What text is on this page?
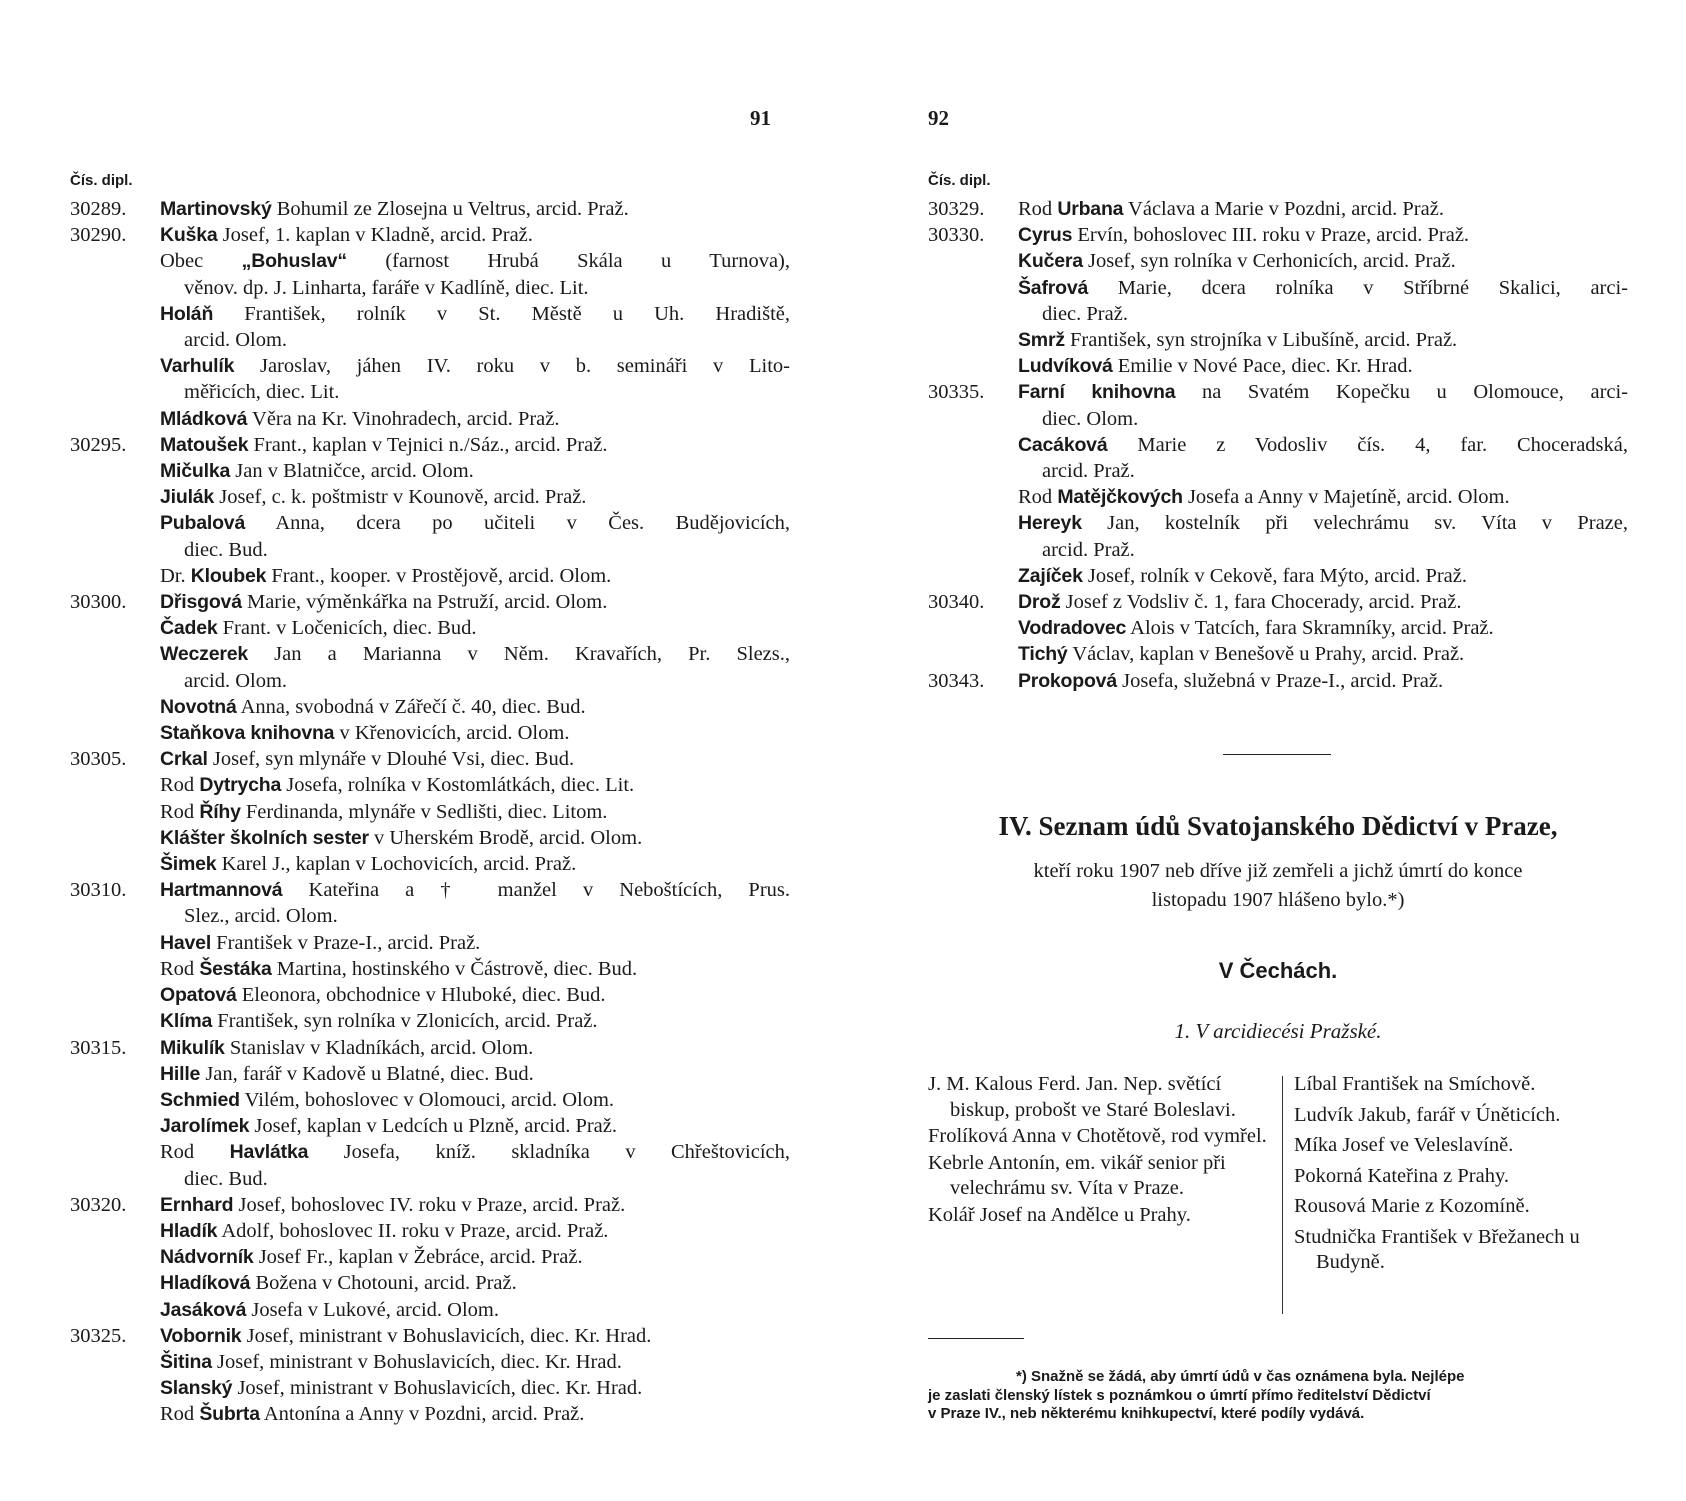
91
Čís. dipl.
30289. Martinovský Bohumil ze Zlosejna u Veltrus, arcid. Praž.
30290. Kuška Josef, 1. kaplan v Kladně, arcid. Praž.
Obec „Bohuslav“ (farnost Hrubá Skála u Turnova),
věnov. dp. J. Linharta, faráře v Kadlíně, diec. Lit.
Holáň František, rolník v St. Městě u Uh. Hradiště,
arcid. Olom.
Varhulík Jaroslav, jáhen IV. roku v b. semináři v Lito-
měřicích, diec. Lit.
Mládková Věra na Kr. Vinohradech, arcid. Praž.
30295. Matoušek Frant., kaplan v Tejnici n./Sáz., arcid. Praž.
Mičulka Jan v Blatničce, arcid. Olom.
Jiulák Josef, c. k. poštmistr v Kounově, arcid. Praž.
Pubalová Anna, dcera po učiteli v Čes. Budějovicích,
diec. Bud.
Dr. Kloubek Frant., kooper. v Prostějově, arcid. Olom.
30300. Dřisgová Marie, výměnkářka na Pstruží, arcid. Olom.
Čadek Frant. v Ločenicích, diec. Bud.
Weczerek Jan a Marianna v Něm. Kravařích, Pr. Slezs.,
arcid. Olom.
Novotná Anna, svobodná v Zářečí č. 40, diec. Bud.
Staňkova knihovna v Křenovicích, arcid. Olom.
30305. Crkal Josef, syn mlynáře v Dlouhé Vsi, diec. Bud.
Rod Dytrycha Josefa, rolníka v Kostomlátkách, diec. Lit.
Rod Říhy Ferdinanda, mlynáře v Sedlišti, diec. Litom.
Klášter školních sester v Uherském Brodě, arcid. Olom.
Šimek Karel J., kaplan v Lochovicích, arcid. Praž.
30310. Hartmannová Kateřina a † manžel v Neboštících, Prus.
Slez., arcid. Olom.
Havel František v Praze-I., arcid. Praž.
Rod Šestáka Martina, hostinského v Částrově, diec. Bud.
Opatová Eleonora, obchodnice v Hluboké, diec. Bud.
Klíma František, syn rolníka v Zlonicích, arcid. Praž.
30315. Mikulík Stanislav v Kladníkách, arcid. Olom.
Hille Jan, farář v Kadově u Blatné, diec. Bud.
Schmied Vilém, bohoslovec v Olomouci, arcid. Olom.
Jarolímek Josef, kaplan v Ledcích u Plzně, arcid. Praž.
Rod Havlátka Josefa, kníž. skladníka v Chřeštovicích,
diec. Bud.
30320. Ernhard Josef, bohoslovec IV. roku v Praze, arcid. Praž.
Hladík Adolf, bohoslovec II. roku v Praze, arcid. Praž.
Nádvorník Josef Fr., kaplan v Žebráce, arcid. Praž.
Hladíková Božena v Chotouni, arcid. Praž.
Jasáková Josefa v Lukové, arcid. Olom.
30325. Vobornik Josef, ministrant v Bohuslavicích, diec. Kr. Hrad.
Šitina Josef, ministrant v Bohuslavicích, diec. Kr. Hrad.
Slanský Josef, ministrant v Bohuslavicích, diec. Kr. Hrad.
Rod Šubrta Antonína a Anny v Pozdni, arcid. Praž.
92
Čís. dipl.
30329. Rod Urbana Václava a Marie v Pozdni, arcid. Praž.
30330. Cyrus Ervín, bohoslovec III. roku v Praze, arcid. Praž.
Kučera Josef, syn rolníka v Cerhonicích, arcid. Praž.
Šafrová Marie, dcera rolníka v Stříbrné Skalici, arci-
diec. Praž.
Smrž František, syn strojníka v Libušíně, arcid. Praž.
Ludvíková Emilie v Nové Pace, diec. Kr. Hrad.
30335. Farní knihovna na Svatém Kopečku u Olomouce, arci-
diec. Olom.
Cacáková Marie z Vodosliv čís. 4, far. Choceradská,
arcid. Praž.
Rod Matějčkových Josefa a Anny v Majetíně, arcid. Olom.
Hereyk Jan, kostelník při velechrámu sv. Víta v Praze,
arcid. Praž.
Zajíček Josef, rolník v Cekově, fara Mýto, arcid. Praž.
30340. Drož Josef z Vodsliv č. 1, fara Chocerady, arcid. Praž.
Vodradovec Alois v Tatcích, fara Skramníky, arcid. Praž.
Tichý Václav, kaplan v Benešově u Prahy, arcid. Praž.
30343. Prokopová Josefa, služebná v Praze-I., arcid. Praž.
IV. Seznam údů Svatojanského Dědictví v Praze,
kteří roku 1907 neb dříve již zemřeli a jichž úmrtí do konce
listopadu 1907 hlášeno bylo.*)
V Čechách.
1. V arcidiecési Pražské.
J. M. Kalous Ferd. Jan. Nep. světící biskup, probošt ve Staré Boleslavi.
Frolíková Anna v Chotětově, rod vymřel.
Kebrle Antonín, em. vikář senior při velechrámu sv. Víta v Praze.
Kolář Josef na Andělce u Prahy.
Líbal František na Smíchově.
Ludvík Jakub, farář v Úněticích.
Míka Josef ve Veleslavíně.
Pokorná Kateřina z Prahy.
Rousová Marie z Kozomíně.
Studnička František v Břežanech u Budyně.
*) Snažně se žádá, aby úmrtí údů v čas oznámena byla. Nejlépe
je zaslati členský lístek s poznámkou o úmrtí přímo ředitelství Dědictví
v Praze IV., neb některému knihkupectví, které podíly vydává.
